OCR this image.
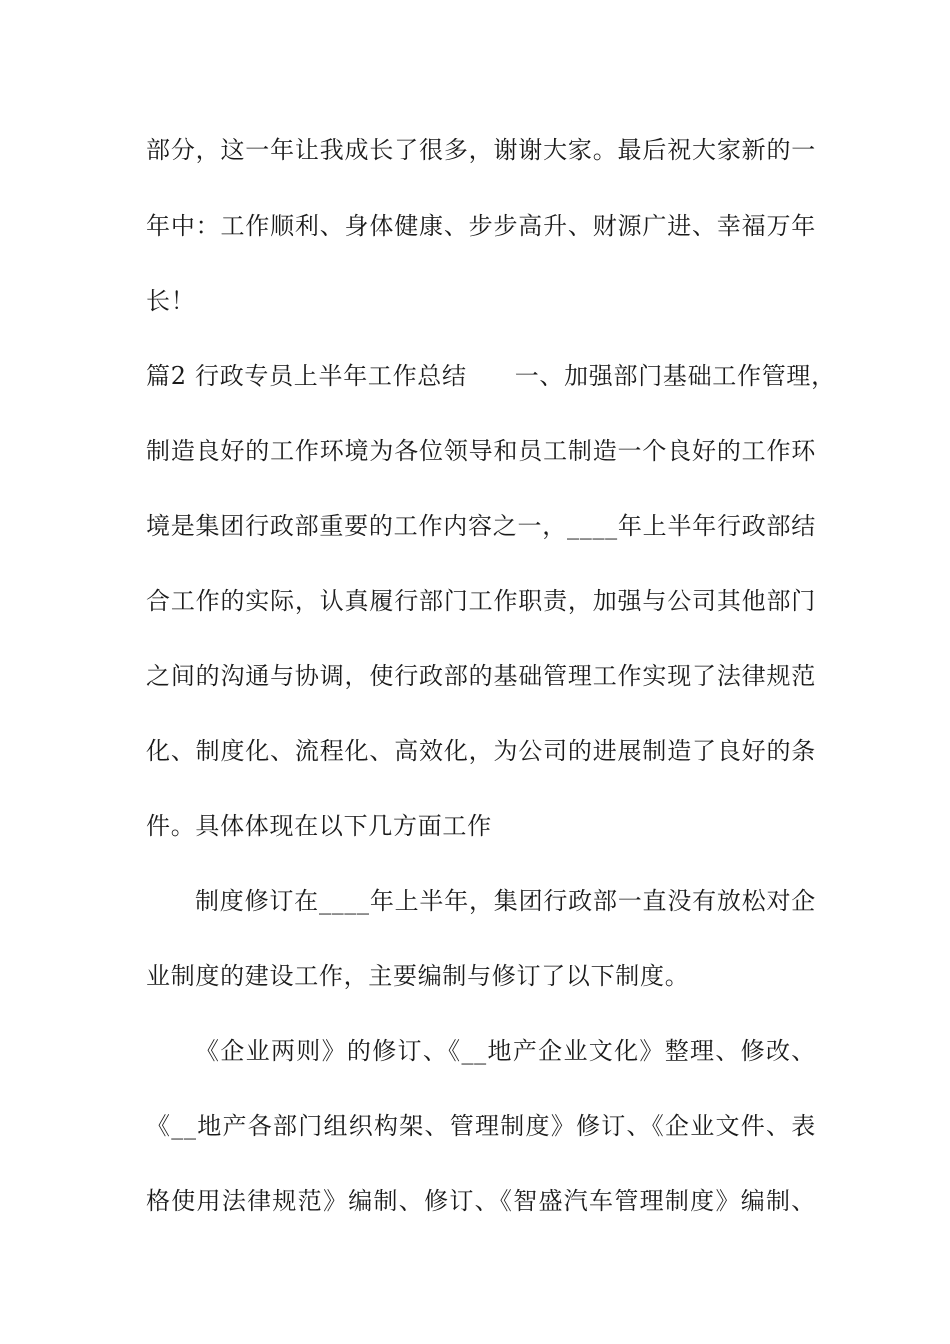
部分，这一年让我成长了很多，谢谢大家。最后祝大家新的一
年中：工作顺利、身体健康、步步高升、财源广进、幸福万年
长！
篇2 行政专员上半年工作总结 一、加强部门基础工作管理，
制造良好的工作环境为各位领导和员工制造一个良好的工作环
境是集团行政部重要的工作内容之一，____年上半年行政部结
合工作的实际，认真履行部门工作职责，加强与公司其他部门
之间的沟通与协调，使行政部的基础管理工作实现了法律规范
化、制度化、流程化、高效化，为公司的进展制造了良好的条
件。具体体现在以下几方面工作
制度修订在____年上半年，集团行政部一直没有放松对企
业制度的建设工作，主要编制与修订了以下制度。
《企业两则》的修订、《__地产企业文化》整理、修改、
《__地产各部门组织构架、管理制度》修订、《企业文件、表
格使用法律规范》编制、修订、《智盛汽车管理制度》编制、
